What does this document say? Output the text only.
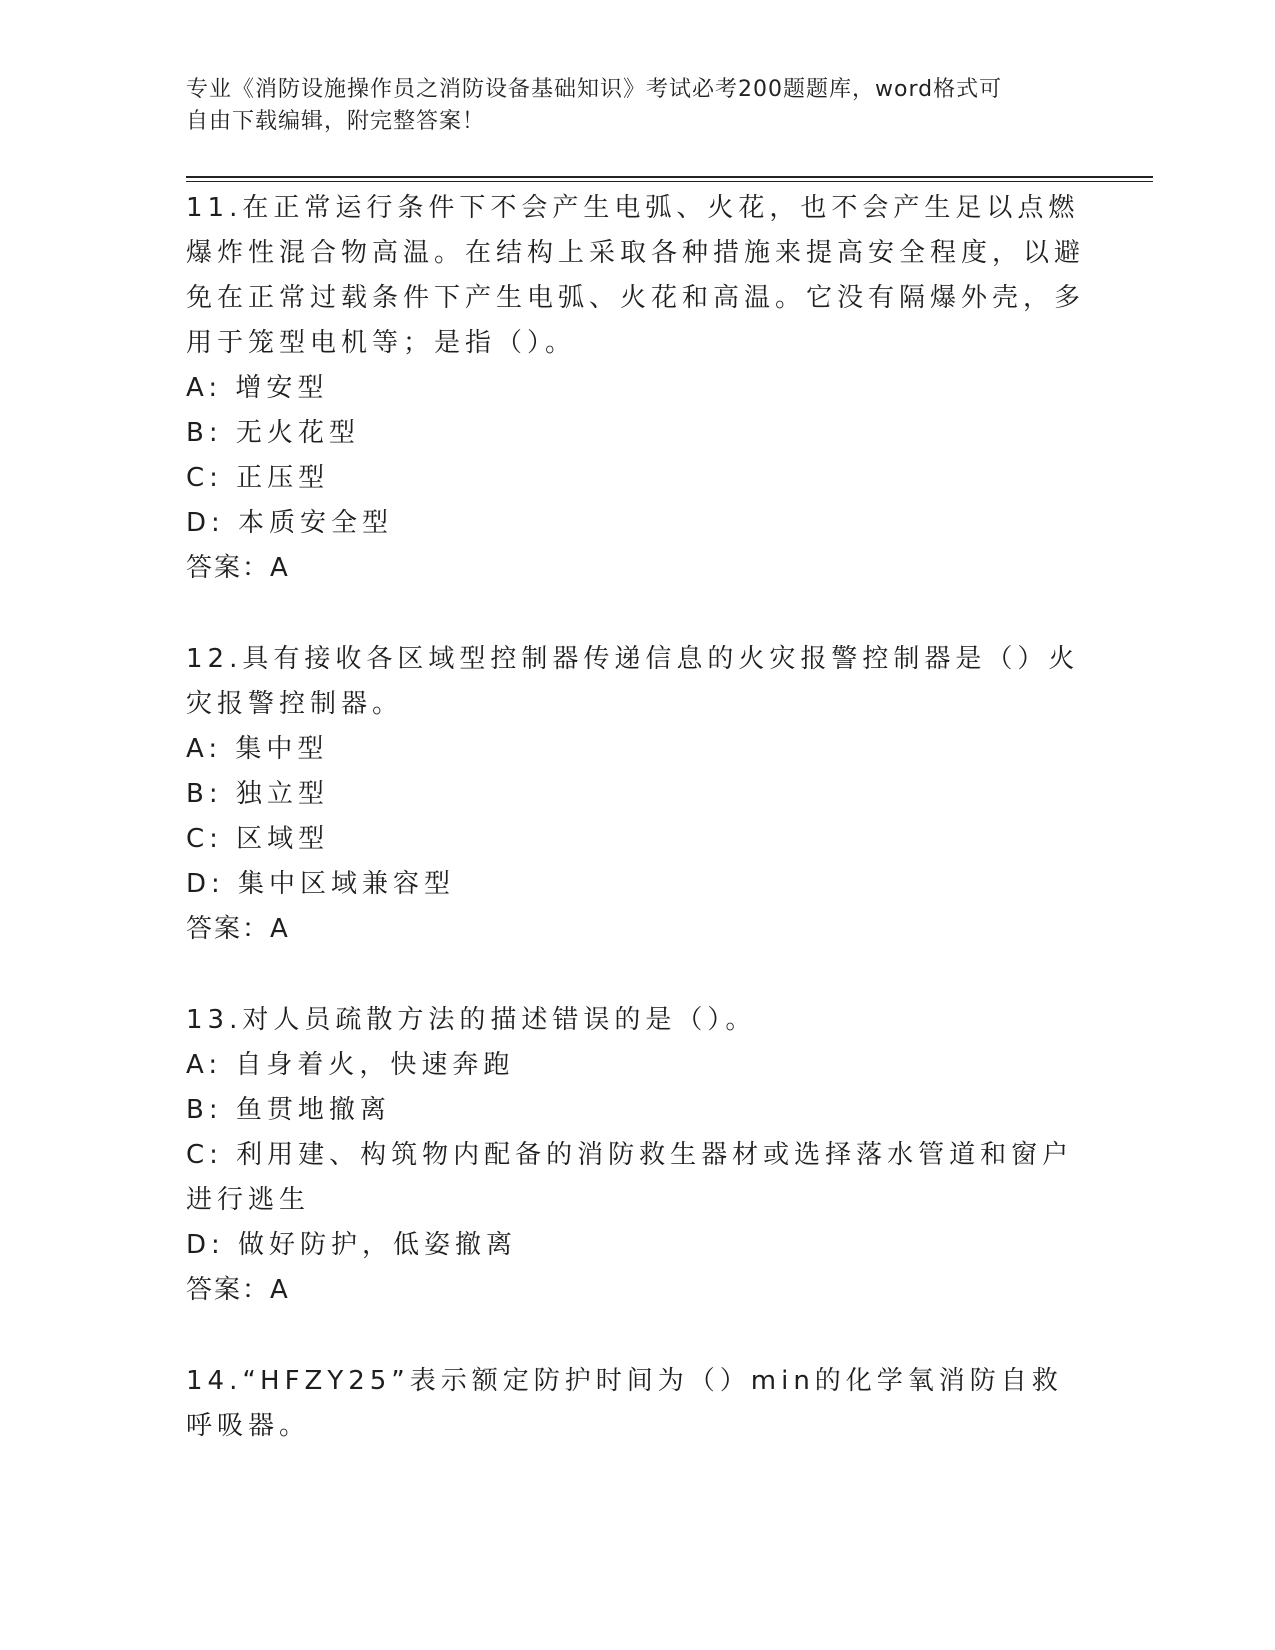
专业《消防设施操作员之消防设备基础知识》考试必考200题题库，word格式可
自由下载编辑，附完整答案！

11.在正常运行条件下不会产生电弧、火花，也不会产生足以点燃爆炸性混合物高温。在结构上采取各种措施来提高安全程度，以避免在正常过载条件下产生电弧、火花和高温。它没有隔爆外壳，多用于笼型电机等；是指（）。

A: 增安型

B: 无火花型

C: 正压型

D: 本质安全型

答案：A

12.具有接收各区域型控制器传递信息的火灾报警控制器是（）火灾报警控制器。

A: 集中型

B: 独立型

C: 区域型

D: 集中区域兼容型

答案：A

13.对人员疏散方法的描述错误的是（）。

A: 自身着火，快速奔跑

B: 鱼贯地撤离

C: 利用建、构筑物内配备的消防救生器材或选择落水管道和窗户进行逃生

D: 做好防护，低姿撤离

答案：A

14.“HFZY25”表示额定防护时间为（）min的化学氧消防自救呼吸器。
